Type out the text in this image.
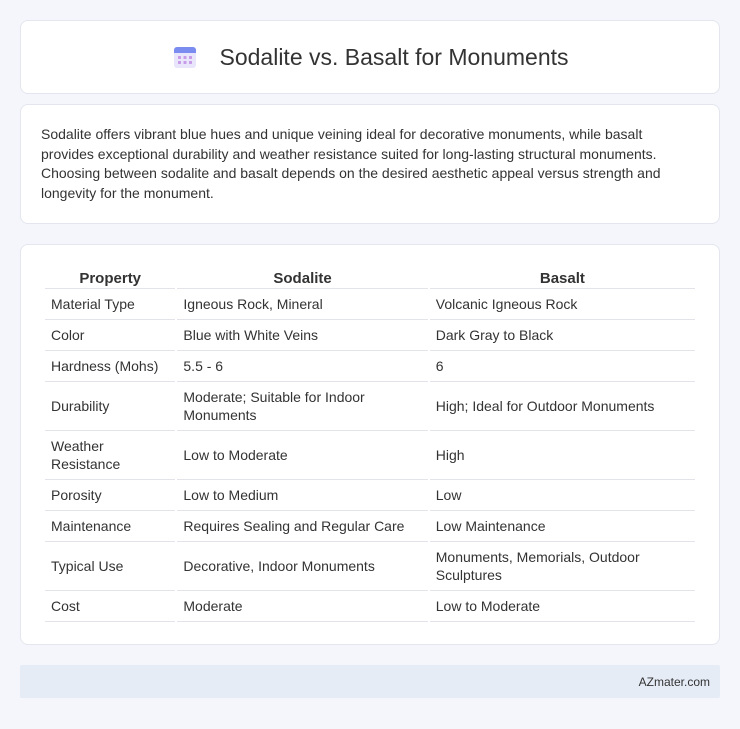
Sodalite vs. Basalt for Monuments

Sodalite offers vibrant blue hues and unique veining ideal for decorative monuments, while basalt provides exceptional durability and weather resistance suited for long-lasting structural monuments. Choosing between sodalite and basalt depends on the desired aesthetic appeal versus strength and longevity for the monument.

Property	Sodalite	Basalt
Material Type	Igneous Rock, Mineral	Volcanic Igneous Rock
Color	Blue with White Veins	Dark Gray to Black
Hardness (Mohs)	5.5 - 6	6
Durability	Moderate; Suitable for Indoor Monuments	High; Ideal for Outdoor Monuments
Weather Resistance	Low to Moderate	High
Porosity	Low to Medium	Low
Maintenance	Requires Sealing and Regular Care	Low Maintenance
Typical Use	Decorative, Indoor Monuments	Monuments, Memorials, Outdoor Sculptures
Cost	Moderate	Low to Moderate
AZmater.com
